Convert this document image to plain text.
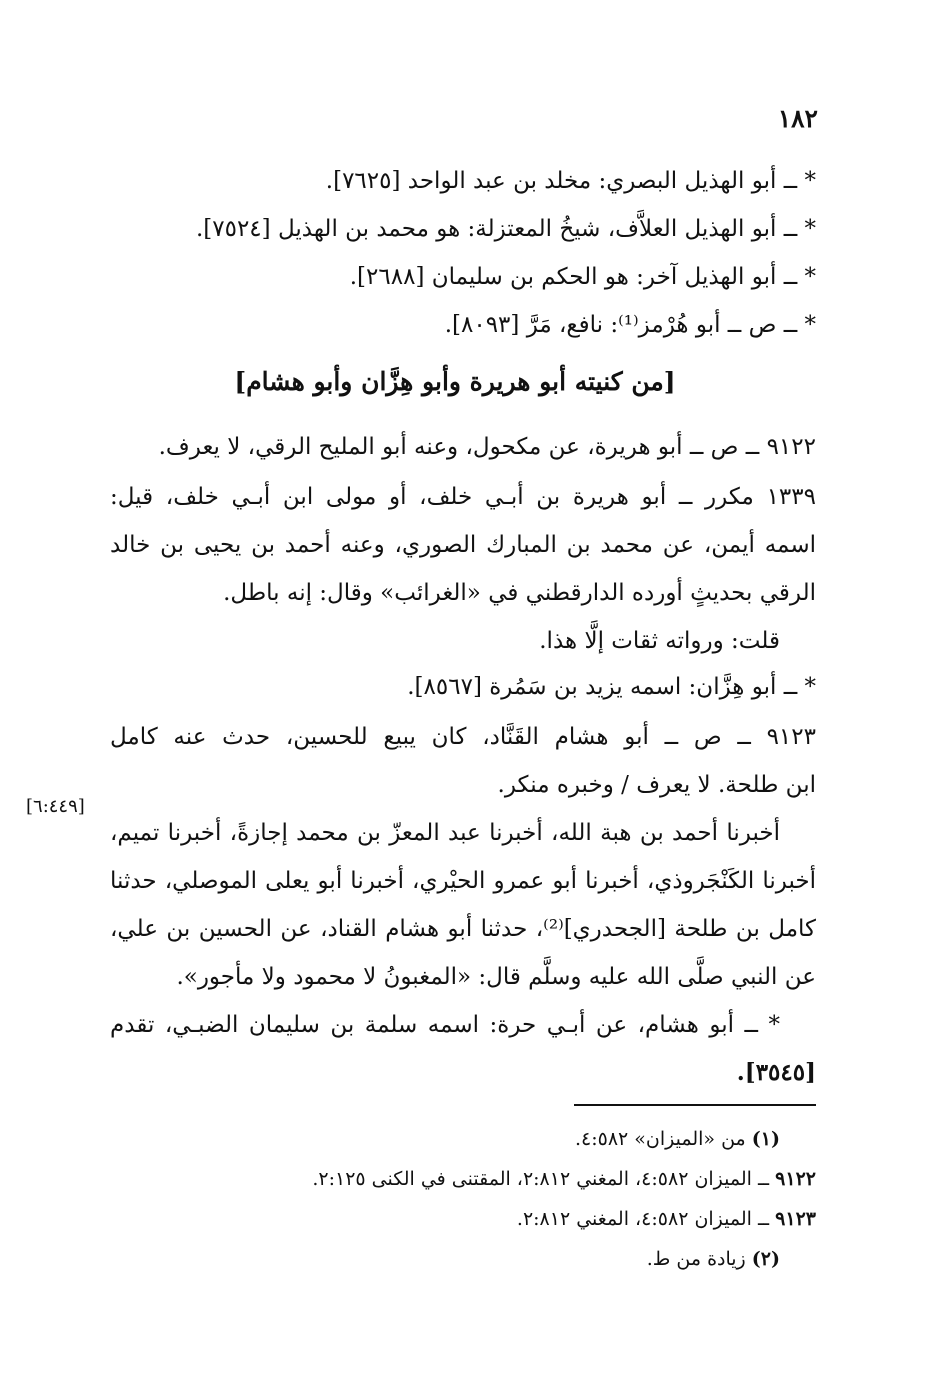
١٨٢
* ــ أبو الهذيل البصري: مخلد بن عبد الواحد [٧٦٢٥].
* ــ أبو الهذيل العلاَّف، شيخُ المعتزلة: هو محمد بن الهذيل [٧٥٢٤].
* ــ أبو الهذيل آخر: هو الحكم بن سليمان [٢٦٨٨].
* ــ ص ــ أبو هُرْمز⁽¹⁾: نافع، مَرَّ [٨٠٩٣].
[من كنيته أبو هريرة وأبو هِزَّان وأبو هشام]
٩١٢٢ ــ ص ــ أبو هريرة، عن مكحول، وعنه أبو المليح الرقي، لا يعرف.
١٣٣٩ مكرر ــ أبو هريرة بن أبـي خلف، أو مولى ابن أبـي خلف، قيل:
اسمه أيمن، عن محمد بن المبارك الصوري، وعنه أحمد بن يحيى بن خالد
الرقي بحديثٍ أورده الدارقطني في «الغرائب» وقال: إنه باطل.
قلت: ورواته ثقات إلَّا هذا.
* ــ أبو هِزَّان: اسمه يزيد بن سَمُرة [٨٥٦٧].
٩١٢٣ ــ ص ــ أبو هشام القَنَّاد، كان يبيع للحسين، حدث عنه كامل
ابن طلحة. لا يعرف / وخبره منكر.
[٦:٤٤٩]
أخبرنا أحمد بن هبة الله، أخبرنا عبد المعزّ بن محمد إجازةً، أخبرنا تميم،
أخبرنا الكَنْجَروذي، أخبرنا أبو عمرو الحيْري، أخبرنا أبو يعلى الموصلي، حدثنا
كامل بن طلحة [الجحدري]⁽²⁾، حدثنا أبو هشام القناد، عن الحسين بن علي،
عن النبي صلَّى الله عليه وسلَّم قال: «المغبونُ لا محمود ولا مأجور».
* ــ أبو هشام، عن أبـي حرة: اسمه سلمة بن سليمان الضبـي، تقدم
[٣٥٤٥].
(١) من «الميزان» ٤:٥٨٢.
٩١٢٢ ــ الميزان ٤:٥٨٢، المغني ٢:٨١٢، المقتنى في الكنى ٢:١٢٥.
٩١٢٣ ــ الميزان ٤:٥٨٢، المغني ٢:٨١٢.
(٢) زيادة من ط.
